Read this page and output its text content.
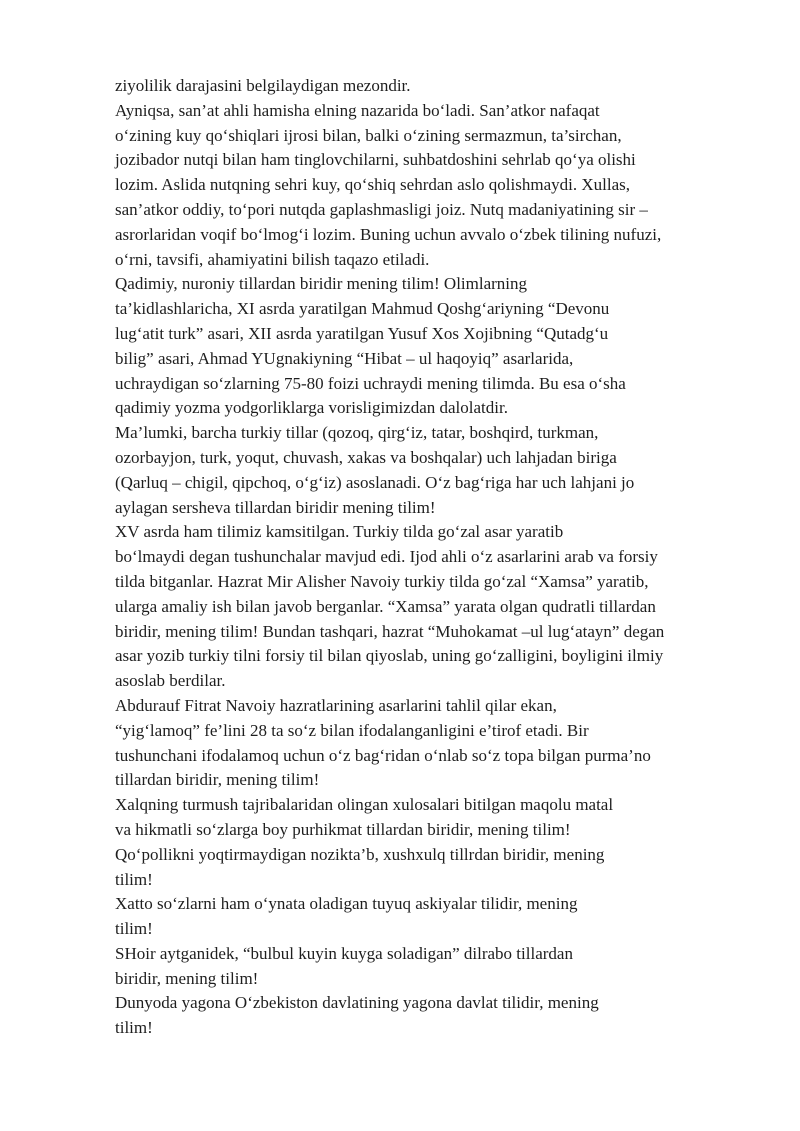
ziyolilik darajasini belgilaydigan mezondir.
Ayniqsa, san’at ahli hamisha elning nazarida bo‘ladi. San’atkor nafaqat
o‘zining kuy qo‘shiqlari ijrosi bilan, balki o‘zining sermazmun, ta’sirchan,
jozibador nutqi bilan ham tinglovchilarni, suhbatdoshini sehrlab qo‘ya olishi
lozim. Aslida nutqning sehri kuy, qo‘shiq sehrdan aslo qolishmaydi. Xullas,
san’atkor oddiy, to‘pori nutqda gaplashmasligi joiz. Nutq madaniyatining sir –
asrorlaridan voqif bo‘lmog‘i lozim. Buning uchun avvalo o‘zbek tilining nufuzi,
o‘rni, tavsifi, ahamiyatini bilish taqazo etiladi.
Qadimiy, nuroniy tillardan biridir mening tilim! Olimlarning
ta’kidlashlaricha, XI asrda yaratilgan Mahmud Qoshg‘ariyning “Devonu
lug‘atit turk” asari, XII asrda yaratilgan Yusuf Xos Xojibning “Qutadg‘u
bilig” asari, Ahmad YUgnakiyning “Hibat – ul haqoyiq” asarlarida,
uchraydigan so‘zlarning 75-80 foizi uchraydi mening tilimda. Bu esa o‘sha
qadimiy yozma yodgorliklarga vorisligimizdan dalolatdir.
Ma’lumki, barcha turkiy tillar (qozoq, qirg‘iz, tatar, boshqird, turkman,
ozorbayjon, turk, yoqut, chuvash, xakas va boshqalar) uch lahjadan biriga
(Qarluq – chigil, qipchoq, o‘g‘iz) asoslanadi. O‘z bag‘riga har uch lahjani jo
aylagan sersheva tillardan biridir mening tilim!
XV asrda ham tilimiz kamsitilgan. Turkiy tilda go‘zal asar yaratib
bo‘lmaydi degan tushunchalar mavjud edi. Ijod ahli o‘z asarlarini arab va forsiy
tilda bitganlar. Hazrat Mir Alisher Navoiy turkiy tilda go‘zal “Xamsa” yaratib,
ularga amaliy ish bilan javob berganlar. “Xamsa” yarata olgan qudratli tillardan
biridir, mening tilim! Bundan tashqari, hazrat “Muhokamat –ul lug‘atayn” degan
asar yozib turkiy tilni forsiy til bilan qiyoslab, uning go‘zalligini, boyligini ilmiy
asoslab berdilar.
Abdurauf Fitrat Navoiy hazratlarining asarlarini tahlil qilar ekan,
“yig‘lamoq” fe’lini 28 ta so‘z bilan ifodalanganligini e’tirof etadi. Bir
tushunchani ifodalamoq uchun o‘z bag‘ridan o‘nlab so‘z topa bilgan purma’no
tillardan biridir, mening tilim!
Xalqning turmush tajribalaridan olingan xulosalari bitilgan maqolu matal
va hikmatli so‘zlarga boy purhikmat tillardan biridir, mening tilim!
Qo‘pollikni yoqtirmaydigan nozikta’b, xushxulq tillrdan biridir, mening
tilim!
Xatto so‘zlarni ham o‘ynata oladigan tuyuq askiyalar tilidir, mening
tilim!
SHoir aytganidek, “bulbul kuyin kuyga soladigan” dilrabo tillardan
biridir, mening tilim!
Dunyoda yagona O‘zbekiston davlatining yagona davlat tilidir, mening
tilim!
